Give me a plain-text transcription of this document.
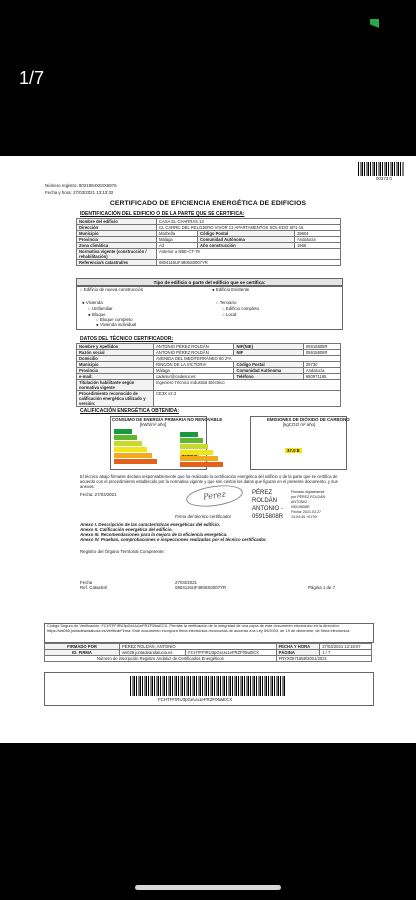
1/7
00373 0
Número registro: 8021994X03X6876
Fecha y hora: 27/03/2021 13:13:32
CERTIFICADO DE EFICIENCIA ENERGÉTICA DE EDIFICIOS
IDENTIFICACIÓN DEL EDIFICIO O DE LA PARTE QUE SE CERTIFICA:
Nombre del edificio	CASA EL CHARRAS 13		
Dirección	CL CARRIL DEL RELOJERO VIVOR 13 APARTAMENTOS SOL-EDO SP1-15		
Municipio	Marbella	Código Postal	29604
Provincia	Málaga	Comunidad Autónoma	Andalucía
Zona climática	A3	Año construcción	1966
Normativa vigente (construcción / rehabilitación)	Anterior a NBE-CT-79		
Referencia/s catastral/es	0804116UF4806S0007YR		
Tipo de edificio o parte del edificio que se certifica:
○ Edificio de nueva construcción	● Edificio Existente
● Vivienda
○ Unifamiliar
● Bloque
○ Bloque completo
● Vivienda individual
○ Terciario
○ Edificio completo
○ Local
DATOS DEL TÉCNICO CERTIFICADOR:
Nombre y Apellidos	ANTONIO PÉREZ ROLDÁN	NIF(NIE)	05915808R
Razón social	ANTONIO PÉREZ ROLDÁN	NIF	05915808R
Domicilio	AVENIDA DEL MEDITERRÁNEO 60 2ºA		
Municipio	RINCÓN DE LA VICTORIA	Código Postal	29730
Provincia	Málaga	Comunidad Autónoma	Andalucía
e-mail:	cadesur@cadesur.es	Teléfono	680971165
Titulación habilitante según normativa vigente	Ingeniero Técnico Industrial Eléctrico		
Procedimiento reconocido de calificación energética utilizado y versión:	CE3X v2.3		
CALIFICACIÓN ENERGÉTICA OBTENIDA:
CONSUMO DE ENERGÍA PRIMARIA NO RENOVABLE
[kWh/m² año]
EMISIONES DE DIÓXIDO DE CARBONO
[kgCO2/ m² año]
37.0 E
El técnico abajo firmante declara responsablemente que ha realizado la certificación energética del edificio o de la parte que se certifica de acuerdo con el procedimiento establecido por la normativa vigente y que son ciertos los datos que figuran en el presente documento, y sus anexos:
Fecha: 27/03/2021	Perez	PÉREZ
ROLDÁN
ANTONIO -
05915808R
Firmado digitalmente
por PÉREZ ROLDÁN
ANTONIO -
05915808R
Fecha: 2021.03.27
13:04:45 +01'00'
Firma del técnico certificador
Anexo I. Descripción de las características energéticas del edificio.
Anexo II. Calificación energética del edificio.
Anexo III. Recomendaciones para la mejora de la eficiencia energética.
Anexo IV. Pruebas, comprobaciones e inspecciones realizadas por el técnico certificador.
Registro del Órgano Territorial Competente:
Fecha
Ref. Catastral
27/03/2021
0804116UF4806S0007YR	Página 1 de 7
Código Seguro de Verificación: FCHTFFIRU3pGeUu1eFRZF05wECX. Permite la verificación de la integridad de una copia de este documento electrónico en la dirección: https://ws050.juntadeandalucia.es/verificarFirma. Este documento incorpora firma electrónica reconocida de acuerdo a la Ley 59/2003, de 19 de diciembre, de firma electrónica.
FIRMADO POR	PÉREZ ROLDÁN, ANTONIO		FECHA Y HORA	27/03/2021 13:18:07
ID. FIRMA	ws029.juntadeandalucia.es	FCHTFFIRU3pGeUu1eFRZF05wECX	PÁGINA	1 / 7
Número de inscripción Registro Andaluz de Certificados Energéticos			FRYX0571558/2021/2021	
FCHTFFIRU3pGeUu1eFRZF05wECX
